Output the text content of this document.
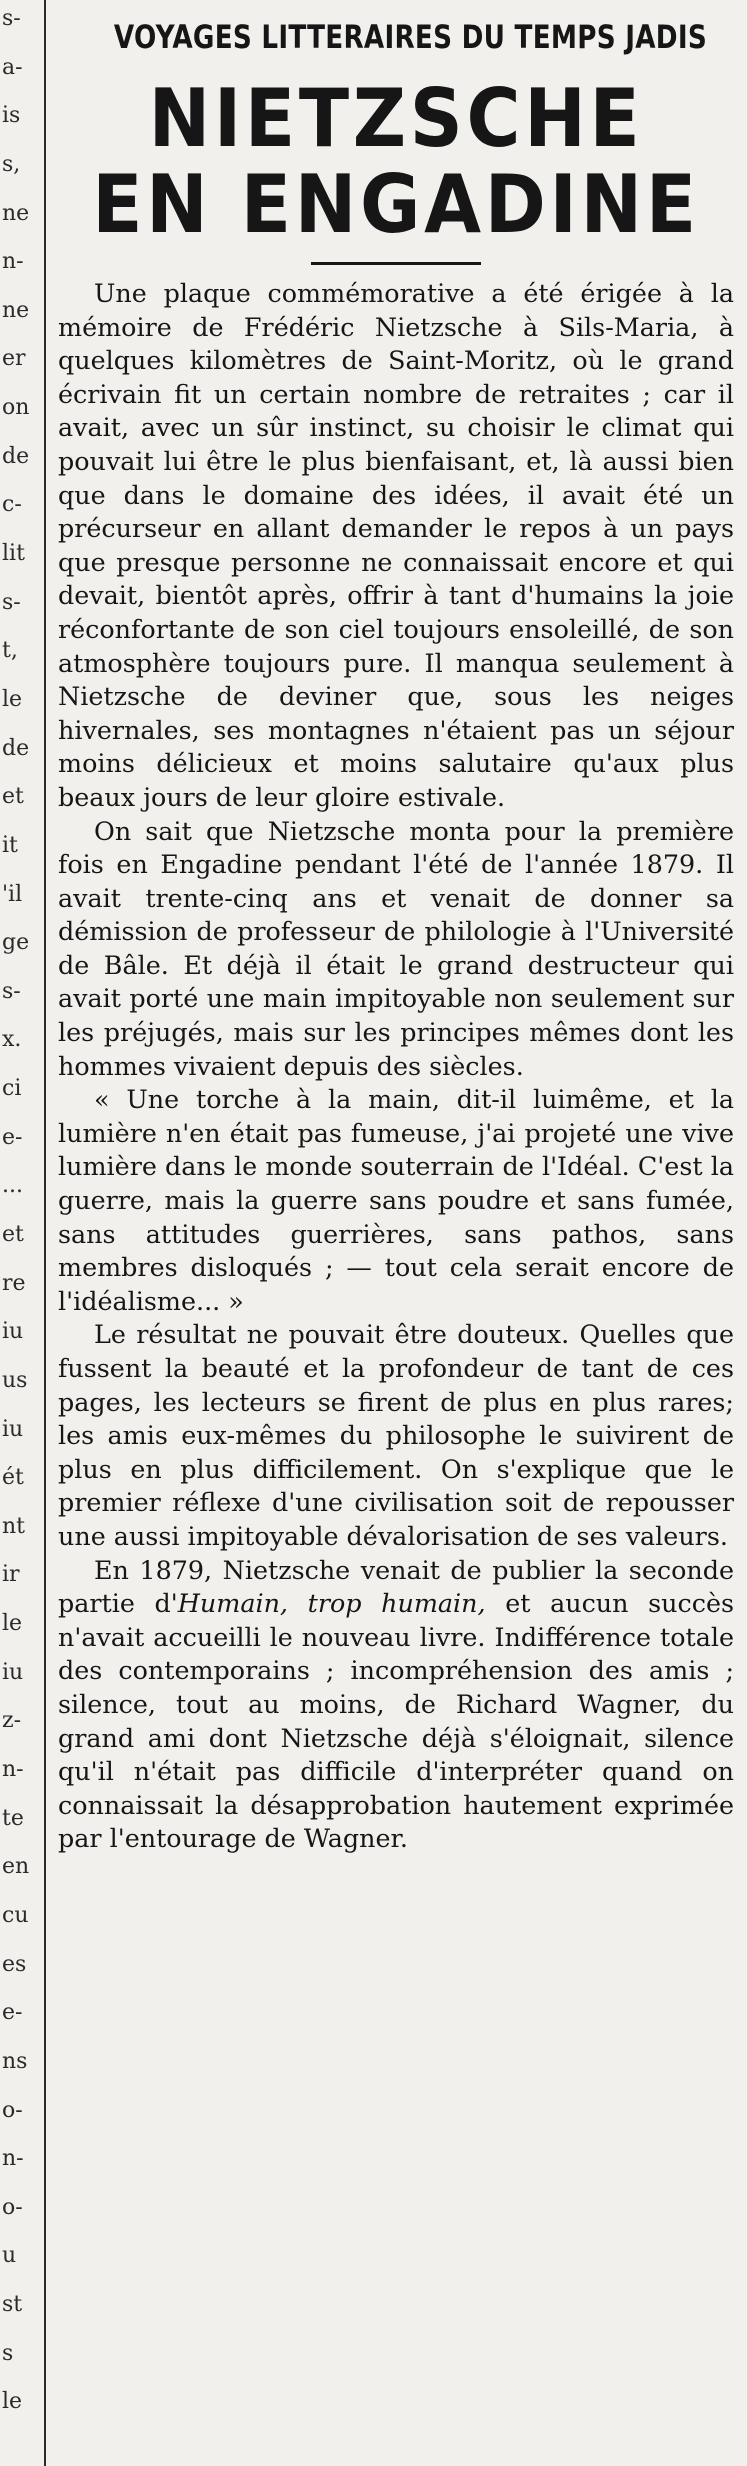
s-
a-
is
s,
ne
n-
ne
er
on
de
c-
lit
s-
t,
le
de
et
it
'il
ge
s-
x.
ci
e-
...
et
re
iu
us
iu
ét
nt
ir
le
iu
z-
n-
te
en
cu
es
e-
ns
o-
n-
o-
u
st
s
le
VOYAGES LITTERAIRES DU TEMPS JADIS
NIETZSCHE
EN ENGADINE

Une plaque commémorative a été érigée à la mémoire de Frédéric Nietzsche à Sils-Maria, à quelques kilomètres de Saint-Moritz, où le grand écrivain fit un certain nombre de retraites ; car il avait, avec un sûr instinct, su choisir le climat qui pouvait lui être le plus bienfaisant, et, là aussi bien que dans le domaine des idées, il avait été un précurseur en allant demander le repos à un pays que presque personne ne connaissait encore et qui devait, bientôt après, offrir à tant d'humains la joie réconfortante de son ciel toujours ensoleillé, de son atmosphère toujours pure. Il manqua seulement à Nietzsche de deviner que, sous les neiges hivernales, ses montagnes n'étaient pas un séjour moins délicieux et moins salutaire qu'aux plus beaux jours de leur gloire estivale.

On sait que Nietzsche monta pour la première fois en Engadine pendant l'été de l'année 1879. Il avait trente-cinq ans et venait de donner sa démission de professeur de philologie à l'Université de Bâle. Et déjà il était le grand destructeur qui avait porté une main impitoyable non seulement sur les préjugés, mais sur les principes mêmes dont les hommes vivaient depuis des siècles.

« Une torche à la main, dit-il luimême, et la lumière n'en était pas fumeuse, j'ai projeté une vive lumière dans le monde souterrain de l'Idéal. C'est la guerre, mais la guerre sans poudre et sans fumée, sans attitudes guerrières, sans pathos, sans membres disloqués ; — tout cela serait encore de l'idéalisme... »

Le résultat ne pouvait être douteux. Quelles que fussent la beauté et la profondeur de tant de ces pages, les lecteurs se firent de plus en plus rares; les amis eux-mêmes du philosophe le suivirent de plus en plus difficilement. On s'explique que le premier réflexe d'une civilisation soit de repousser une aussi impitoyable dévalorisation de ses valeurs.

En 1879, Nietzsche venait de publier la seconde partie d'Humain, trop humain, et aucun succès n'avait accueilli le nouveau livre. Indifférence totale des contemporains ; incompréhension des amis ; silence, tout au moins, de Richard Wagner, du grand ami dont Nietzsche déjà s'éloignait, silence qu'il n'était pas difficile d'interpréter quand on connaissait la désapprobation hautement exprimée par l'entourage de Wagner.
